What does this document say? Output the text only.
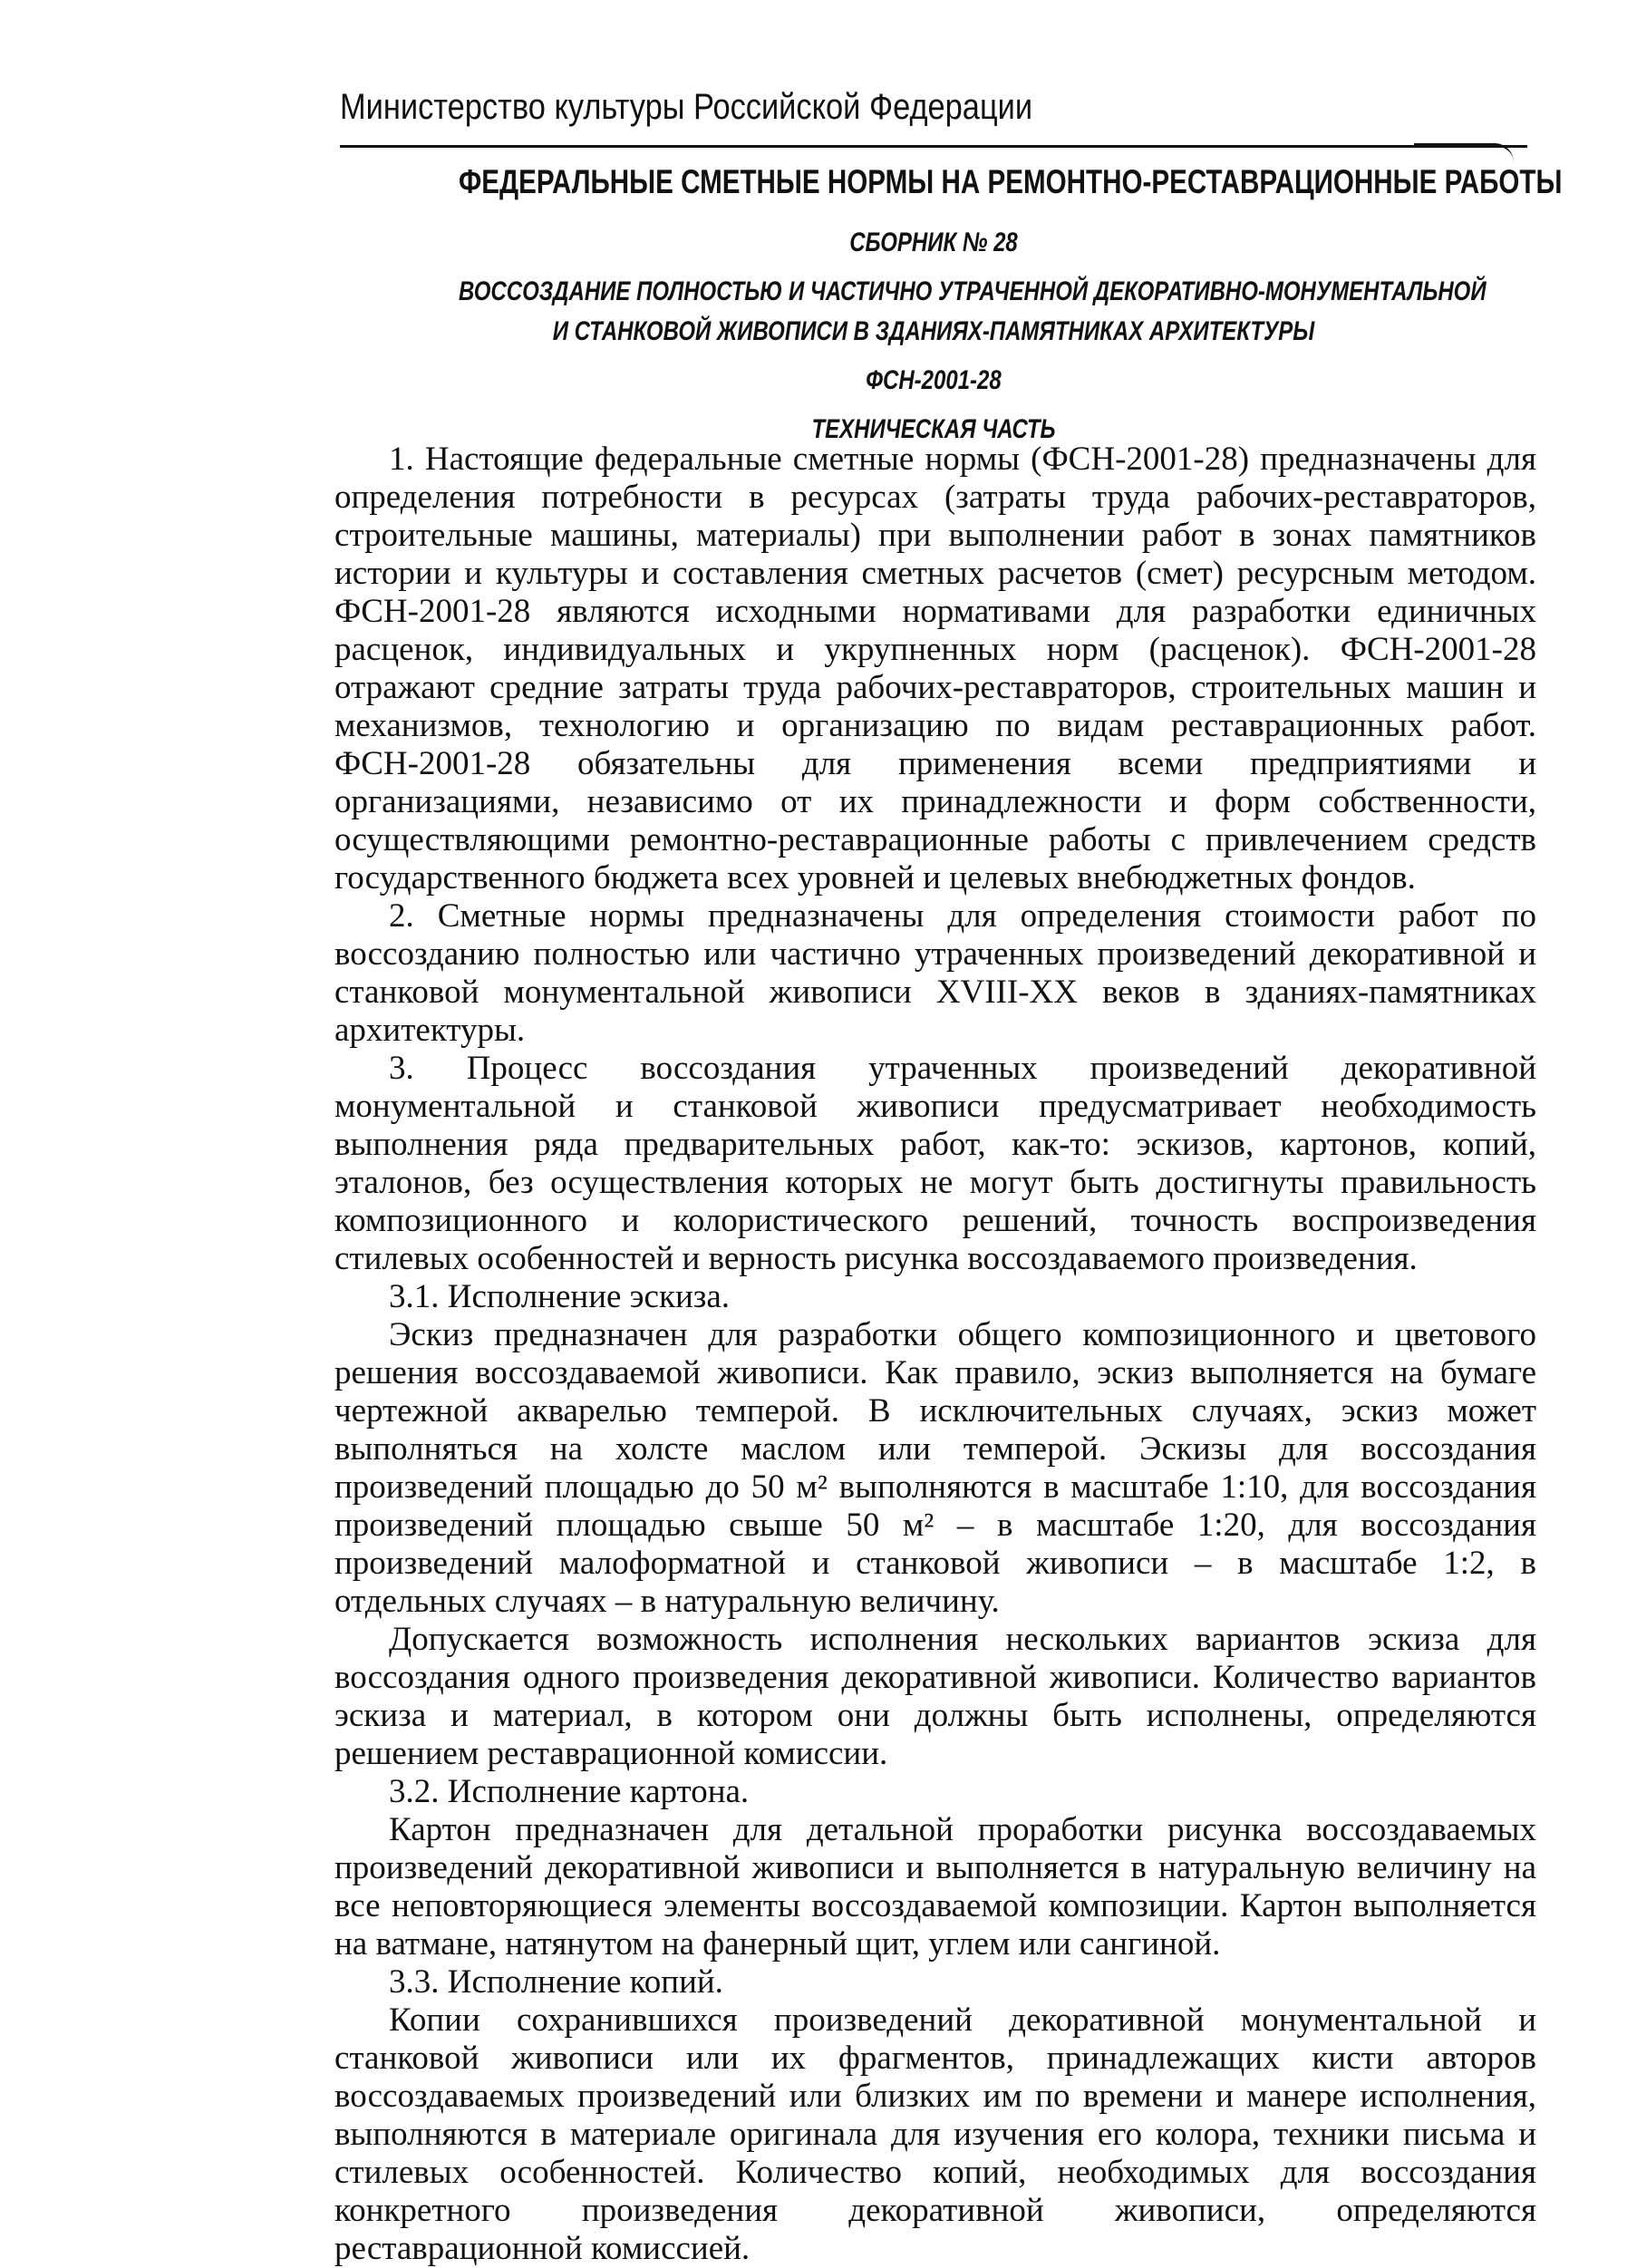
Министерство культуры Российской Федерации
ФЕДЕРАЛЬНЫЕ СМЕТНЫЕ НОРМЫ НА РЕМОНТНО-РЕСТАВРАЦИОННЫЕ РАБОТЫ
СБОРНИК № 28
ВОССОЗДАНИЕ ПОЛНОСТЬЮ И ЧАСТИЧНО УТРАЧЕННОЙ ДЕКОРАТИВНО-МОНУМЕНТАЛЬНОЙ
И СТАНКОВОЙ ЖИВОПИСИ В ЗДАНИЯХ-ПАМЯТНИКАХ АРХИТЕКТУРЫ
ФСН-2001-28
ТЕХНИЧЕСКАЯ ЧАСТЬ

1. Настоящие федеральные сметные нормы (ФСН-2001-28) предназначены для определения потребности в ресурсах (затраты труда рабочих-реставраторов, строительные машины, материалы) при выполнении работ в зонах памятников истории и культуры и составления сметных расчетов (смет) ресурсным методом. ФСН-2001-28 являются исходными нормативами для разработки единичных расценок, индивидуальных и укрупненных норм (расценок). ФСН-2001-28 отражают средние затраты труда рабочих-реставраторов, строительных машин и механизмов, технологию и организацию по видам реставрационных работ. ФСН-2001-28 обязательны для применения всеми предприятиями и организациями, независимо от их принадлежности и форм собственности, осуществляющими ремонтно-реставрационные работы с привлечением средств государственного бюджета всех уровней и целевых внебюджетных фондов.

2. Сметные нормы предназначены для определения стоимости работ по воссозданию полностью или частично утраченных произведений декоративной и станковой монументальной живописи XVIII-XX веков в зданиях-памятниках архитектуры.

3. Процесс воссоздания утраченных произведений декоративной монументальной и станковой живописи предусматривает необходимость выполнения ряда предварительных работ, как-то: эскизов, картонов, копий, эталонов, без осуществления которых не могут быть достигнуты правильность композиционного и колористического решений, точность воспроизведения стилевых особенностей и верность рисунка воссоздаваемого произведения.

3.1. Исполнение эскиза.

Эскиз предназначен для разработки общего композиционного и цветового решения воссоздаваемой живописи. Как правило, эскиз выполняется на бумаге чертежной акварелью темперой. В исключительных случаях, эскиз может выполняться на холсте маслом или темперой. Эскизы для воссоздания произведений площадью до 50 м² выполняются в масштабе 1:10, для воссоздания произведений площадью свыше 50 м² – в масштабе 1:20, для воссоздания произведений малоформатной и станковой живописи – в масштабе 1:2, в отдельных случаях – в натуральную величину.

Допускается возможность исполнения нескольких вариантов эскиза для воссоздания одного произведения декоративной живописи. Количество вариантов эскиза и материал, в котором они должны быть исполнены, определяются решением реставрационной комиссии.

3.2. Исполнение картона.

Картон предназначен для детальной проработки рисунка воссоздаваемых произведений декоративной живописи и выполняется в натуральную величину на все неповторяющиеся элементы воссоздаваемой композиции. Картон выполняется на ватмане, натянутом на фанерный щит, углем или сангиной.

3.3. Исполнение копий.

Копии сохранившихся произведений декоративной монументальной и станковой живописи или их фрагментов, принадлежащих кисти авторов воссоздаваемых произведений или близких им по времени и манере исполнения, выполняются в материале оригинала для изучения его колора, техники письма и стилевых особенностей. Количество копий, необходимых для воссоздания конкретного произведения декоративной живописи, определяются реставрационной комиссией.
